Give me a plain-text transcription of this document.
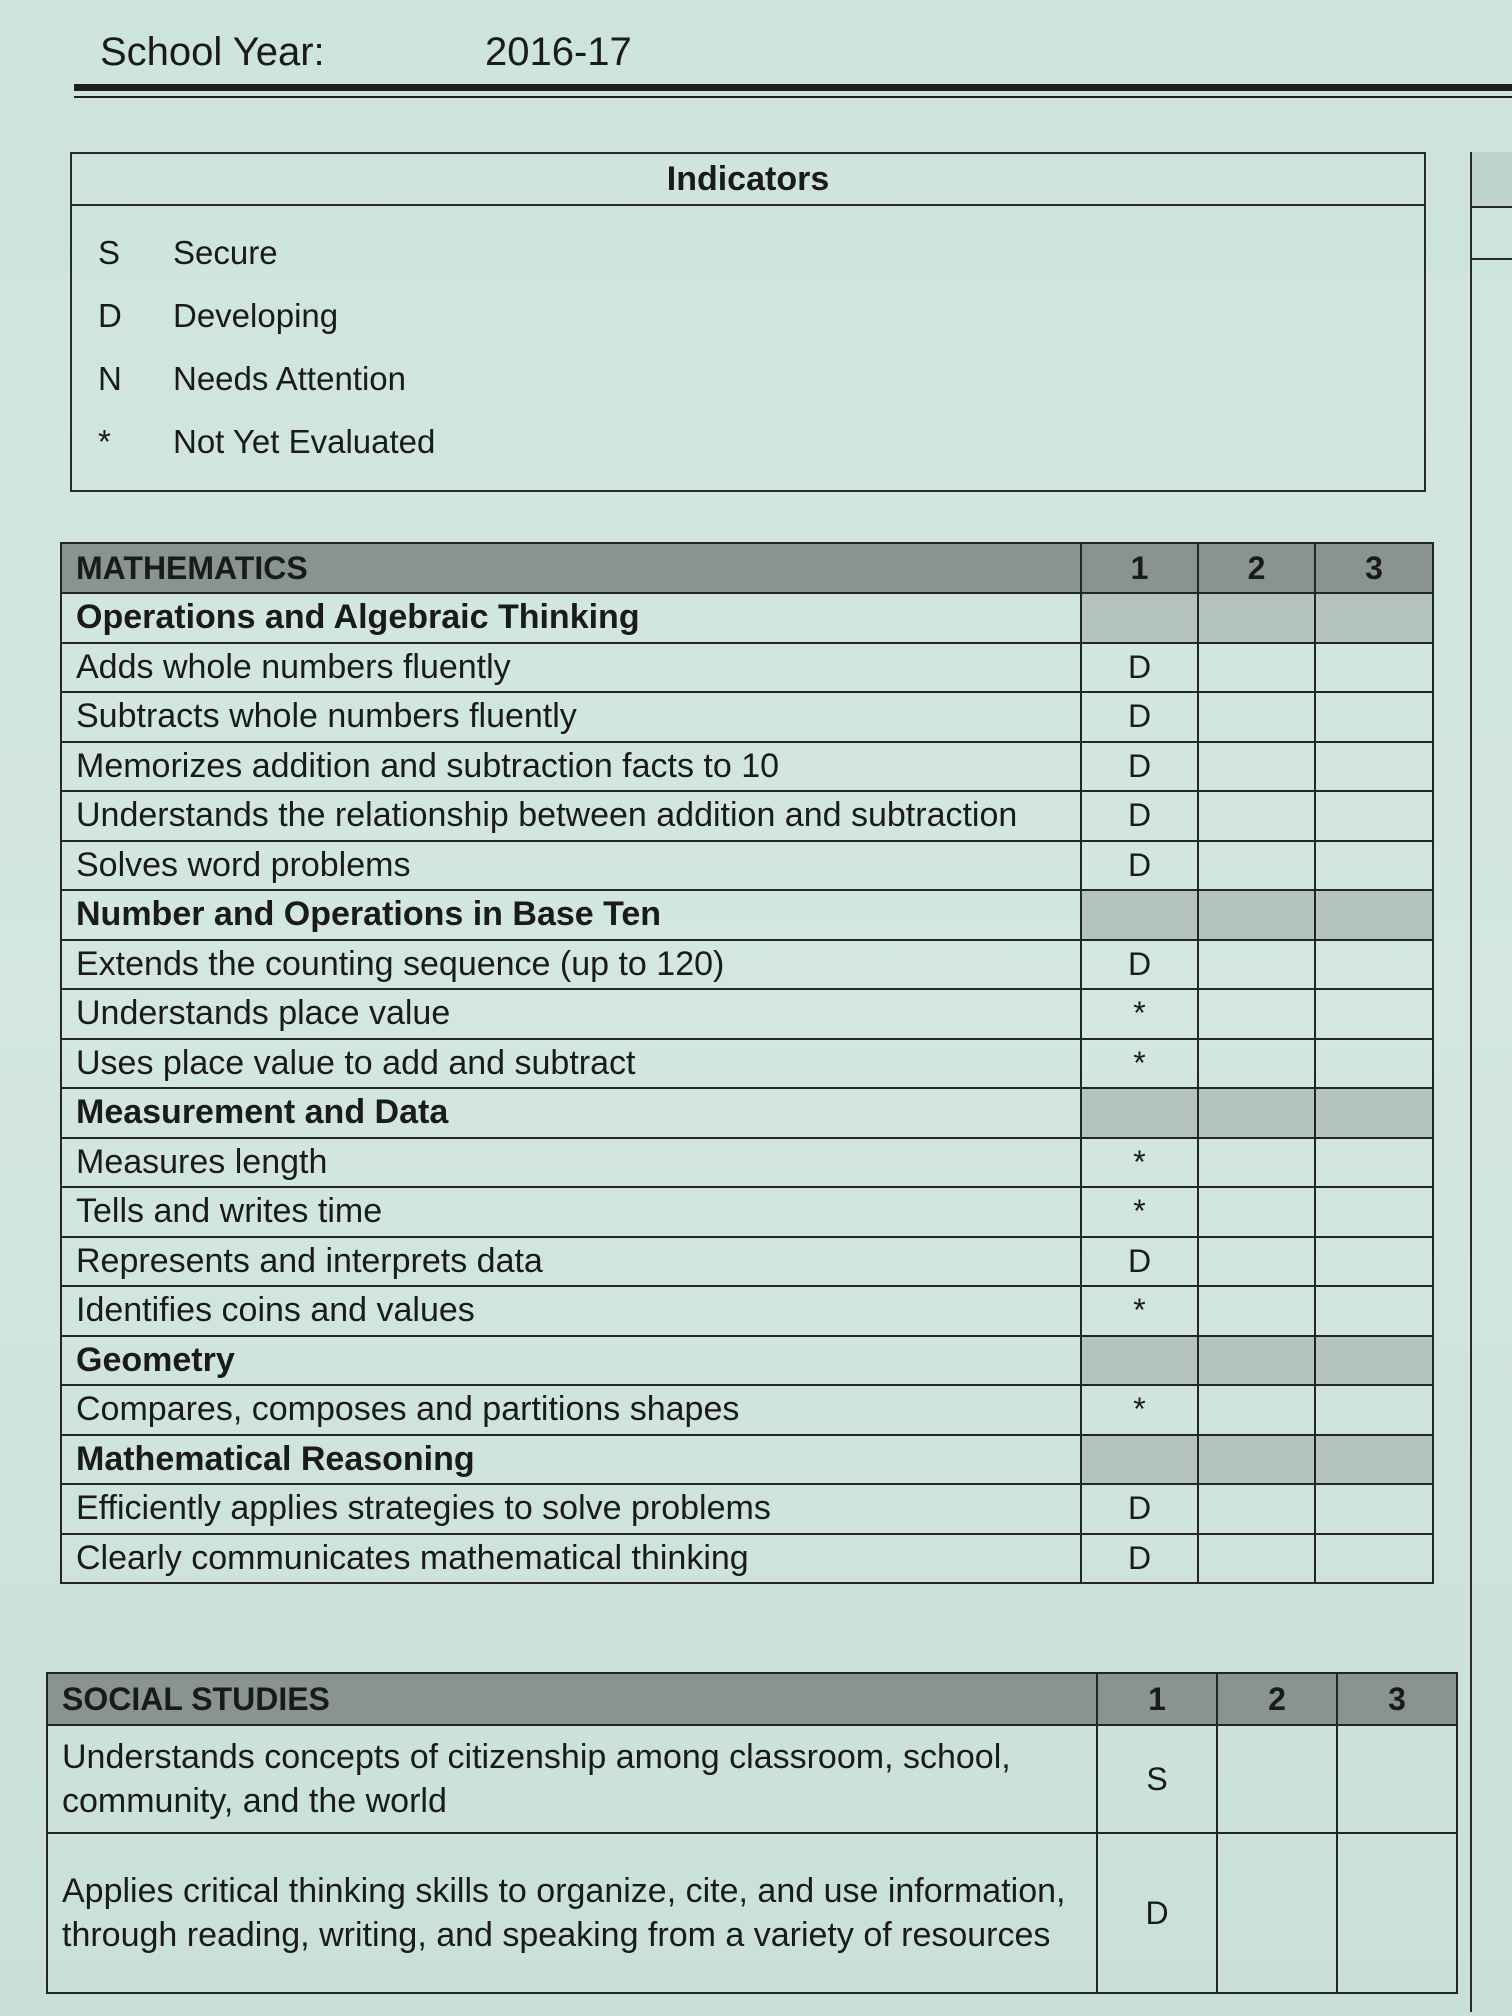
School Year:	2016-17
Indicators
S	Secure
D	Developing
N	Needs Attention
*	Not Yet Evaluated
MATHEMATICS	1	2	3
Operations and Algebraic Thinking			
Adds whole numbers fluently	D		
Subtracts whole numbers fluently	D		
Memorizes addition and subtraction facts to 10	D		
Understands the relationship between addition and subtraction	D		
Solves word problems	D		
Number and Operations in Base Ten			
Extends the counting sequence (up to 120)	D		
Understands place value	*		
Uses place value to add and subtract	*		
Measurement and Data			
Measures length	*		
Tells and writes time	*		
Represents and interprets data	D		
Identifies coins and values	*		
Geometry			
Compares, composes and partitions shapes	*		
Mathematical Reasoning			
Efficiently applies strategies to solve problems	D		
Clearly communicates mathematical thinking	D		
SOCIAL STUDIES	1	2	3
Understands concepts of citizenship among classroom, school, community, and the world	S		
Applies critical thinking skills to organize, cite, and use information, through reading, writing, and speaking from a variety of resources	D		
